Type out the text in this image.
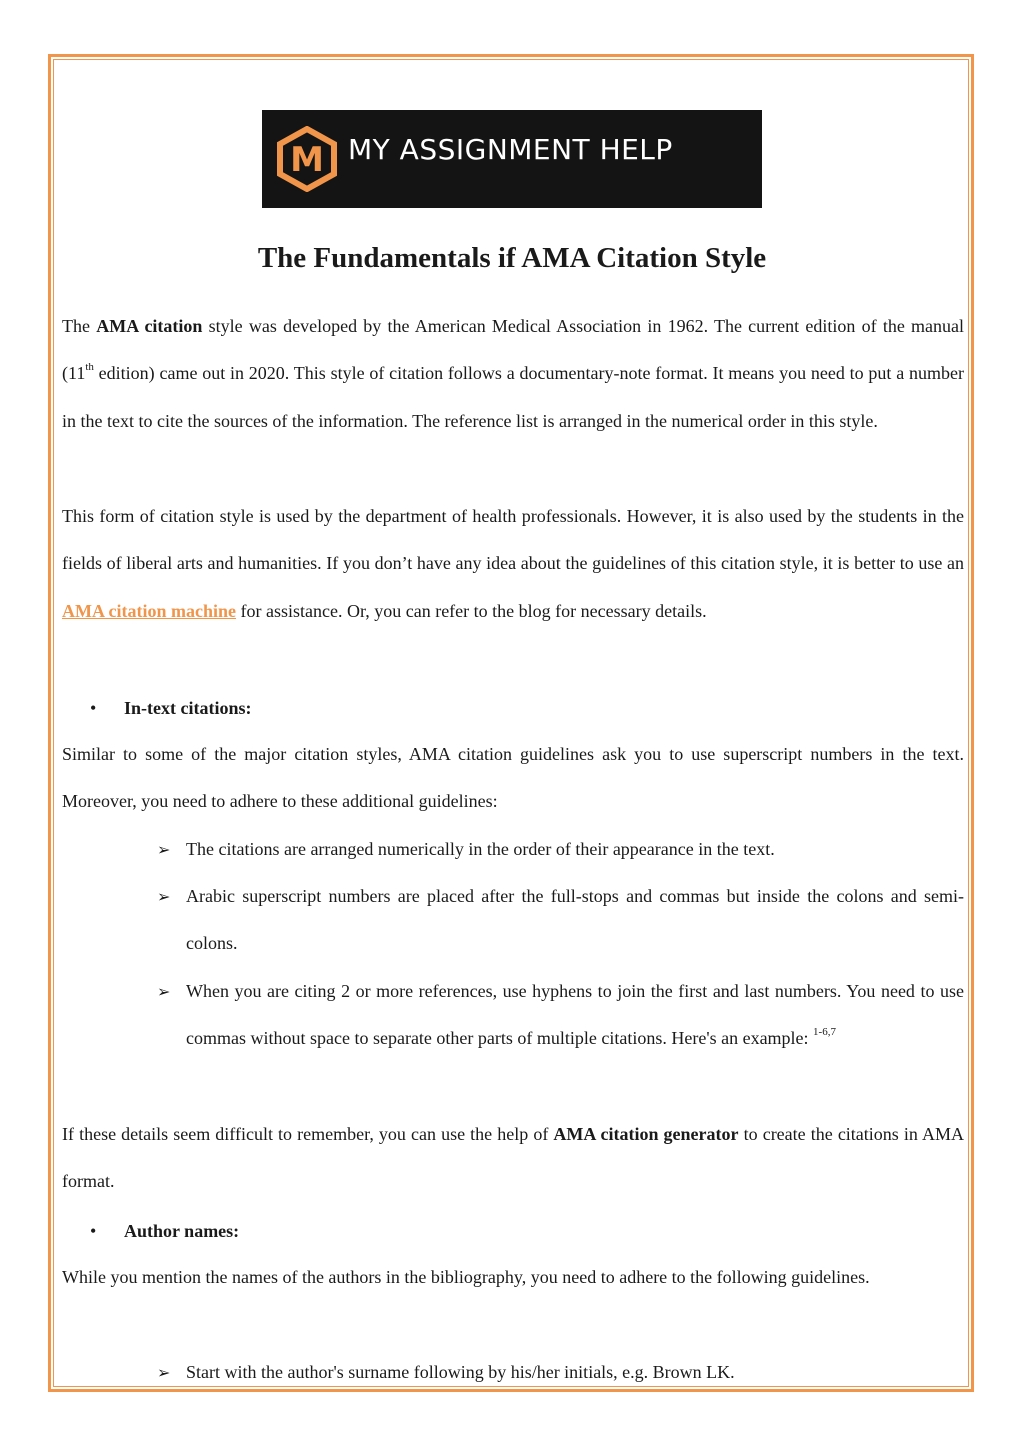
M MY ASSIGNMENT HELP
The Fundamentals if AMA Citation Style

The AMA citation style was developed by the American Medical Association in 1962. The current edition of the manual (11th edition) came out in 2020. This style of citation follows a documentary-note format. It means you need to put a number in the text to cite the sources of the information. The reference list is arranged in the numerical order in this style.

This form of citation style is used by the department of health professionals. However, it is also used by the students in the fields of liberal arts and humanities. If you don’t have any idea about the guidelines of this citation style, it is better to use an AMA citation machine for assistance. Or, you can refer to the blog for necessary details.

• In-text citations:

Similar to some of the major citation styles, AMA citation guidelines ask you to use superscript numbers in the text. Moreover, you need to adhere to these additional guidelines:

➢ The citations are arranged numerically in the order of their appearance in the text.
➢ Arabic superscript numbers are placed after the full-stops and commas but inside the colons and semi-colons.
➢ When you are citing 2 or more references, use hyphens to join the first and last numbers. You need to use commas without space to separate other parts of multiple citations. Here's an example: $^{1-6,7}$

If these details seem difficult to remember, you can use the help of AMA citation generator to create the citations in AMA format.

• Author names:

While you mention the names of the authors in the bibliography, you need to adhere to the following guidelines.

➢ Start with the author's surname following by his/her initials, e.g. Brown LK.
